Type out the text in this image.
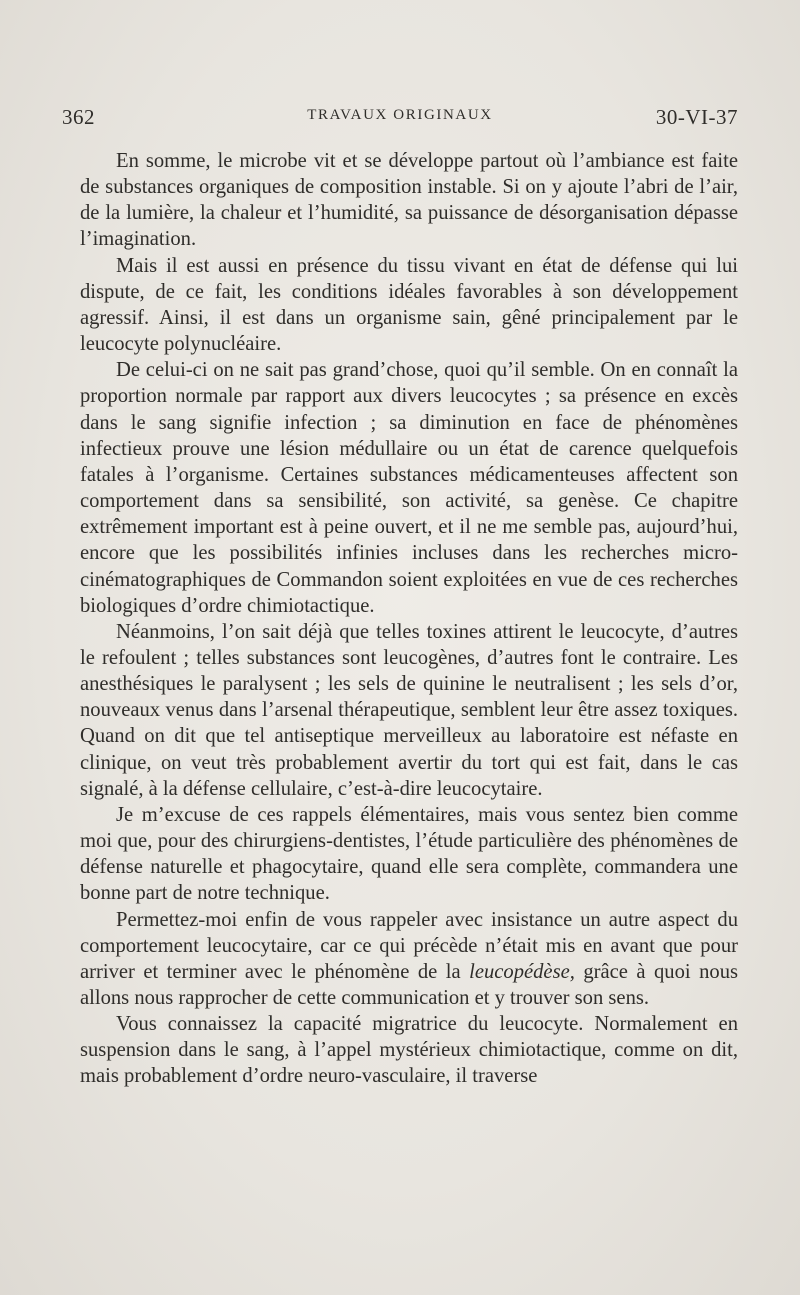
362	TRAVAUX ORIGINAUX	30-VI-37

En somme, le microbe vit et se développe partout où l’ambiance est faite de substances organiques de composition instable. Si on y ajoute l’abri de l’air, de la lumière, la chaleur et l’humidité, sa puissance de désorganisation dépasse l’imagination.

Mais il est aussi en présence du tissu vivant en état de défense qui lui dispute, de ce fait, les conditions idéales favorables à son développement agressif. Ainsi, il est dans un organisme sain, gêné principalement par le leucocyte polynucléaire.

De celui-ci on ne sait pas grand’chose, quoi qu’il semble. On en connaît la proportion normale par rapport aux divers leucocytes ; sa présence en excès dans le sang signifie infection ; sa diminution en face de phénomènes infectieux prouve une lésion médullaire ou un état de carence quelquefois fatales à l’organisme. Certaines substances médicamenteuses affectent son comportement dans sa sensibilité, son activité, sa genèse. Ce chapitre extrêmement important est à peine ouvert, et il ne me semble pas, aujourd’hui, encore que les possibilités infinies incluses dans les recherches micro-cinématographiques de Commandon soient exploitées en vue de ces recherches biologiques d’ordre chimiotactique.

Néanmoins, l’on sait déjà que telles toxines attirent le leucocyte, d’autres le refoulent ; telles substances sont leucogènes, d’autres font le contraire. Les anesthésiques le paralysent ; les sels de quinine le neutralisent ; les sels d’or, nouveaux venus dans l’arsenal thérapeutique, semblent leur être assez toxiques. Quand on dit que tel antiseptique merveilleux au laboratoire est néfaste en clinique, on veut très probablement avertir du tort qui est fait, dans le cas signalé, à la défense cellulaire, c’est-à-dire leucocytaire.

Je m’excuse de ces rappels élémentaires, mais vous sentez bien comme moi que, pour des chirurgiens-dentistes, l’étude particulière des phénomènes de défense naturelle et phagocytaire, quand elle sera complète, commandera une bonne part de notre technique.

Permettez-moi enfin de vous rappeler avec insistance un autre aspect du comportement leucocytaire, car ce qui précède n’était mis en avant que pour arriver et terminer avec le phénomène de la leucopédèse, grâce à quoi nous allons nous rapprocher de cette communication et y trouver son sens.

Vous connaissez la capacité migratrice du leucocyte. Normalement en suspension dans le sang, à l’appel mystérieux chimiotactique, comme on dit, mais probablement d’ordre neuro-vasculaire, il traverse
